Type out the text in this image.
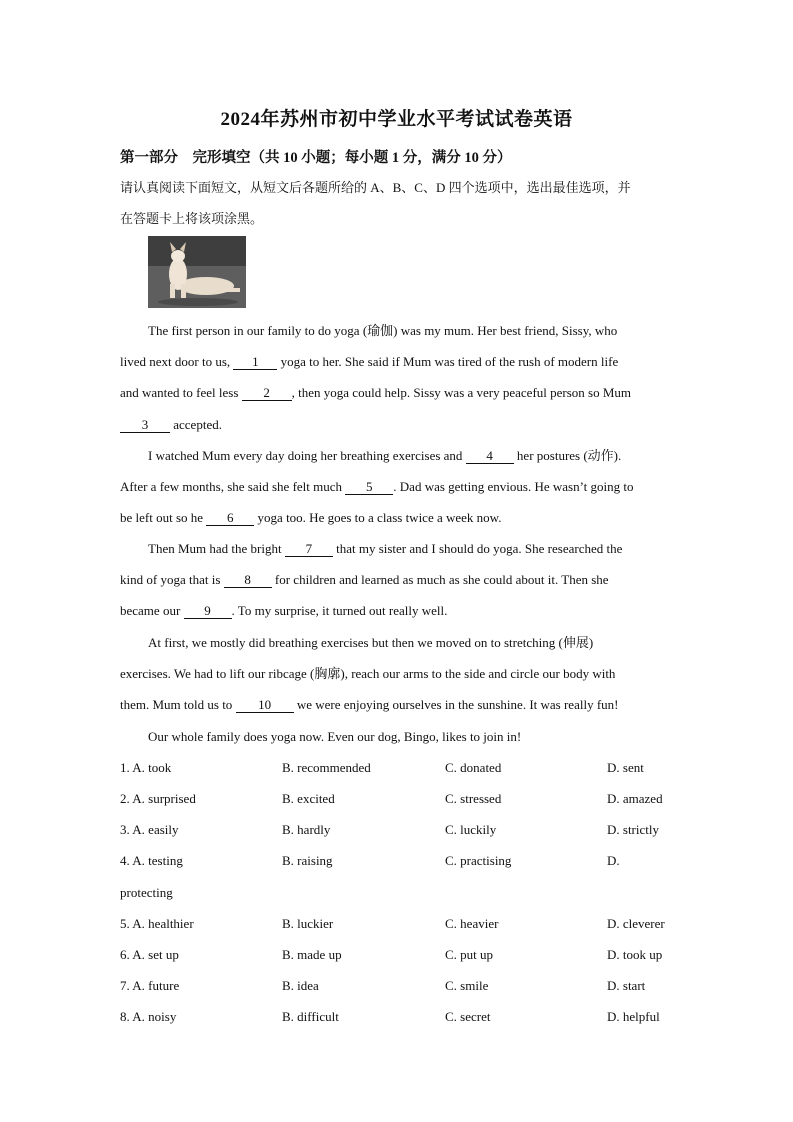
2024年苏州市初中学业水平考试试卷英语
第一部分　完形填空（共 10 小题；每小题 1 分，满分 10 分）
请认真阅读下面短文，从短文后各题所给的 A、B、C、D 四个选项中，选出最佳选项，并
在答题卡上将该项涂黑。
The first person in our family to do yoga (瑜伽) was my mum. Her best friend, Sissy, who
lived next door to us, 1 yoga to her. She said if Mum was tired of the rush of modern life
and wanted to feel less 2 , then yoga could help. Sissy was a very peaceful person so Mum
3 accepted.
I watched Mum every day doing her breathing exercises and 4 her postures (动作).
After a few months, she said she felt much 5 . Dad was getting envious. He wasn’t going to
be left out so he 6 yoga too. He goes to a class twice a week now.
Then Mum had the bright 7 that my sister and I should do yoga. She researched the
kind of yoga that is 8 for children and learned as much as she could about it. Then she
became our 9 . To my surprise, it turned out really well.
At first, we mostly did breathing exercises but then we moved on to stretching (伸展)
exercises. We had to lift our ribcage (胸廓), reach our arms to the side and circle our body with
them. Mum told us to 10 we were enjoying ourselves in the sunshine. It was really fun!
Our whole family does yoga now. Even our dog, Bingo, likes to join in!
1. A. took	B. recommended	C. donated	D. sent
2. A. surprised	B. excited	C. stressed	D. amazed
3. A. easily	B. hardly	C. luckily	D. strictly
4. A. testing	B. raising	C. practising	D.
protecting
5. A. healthier	B. luckier	C. heavier	D. cleverer
6. A. set up	B. made up	C. put up	D. took up
7. A. future	B. idea	C. smile	D. start
8. A. noisy	B. difficult	C. secret	D. helpful
